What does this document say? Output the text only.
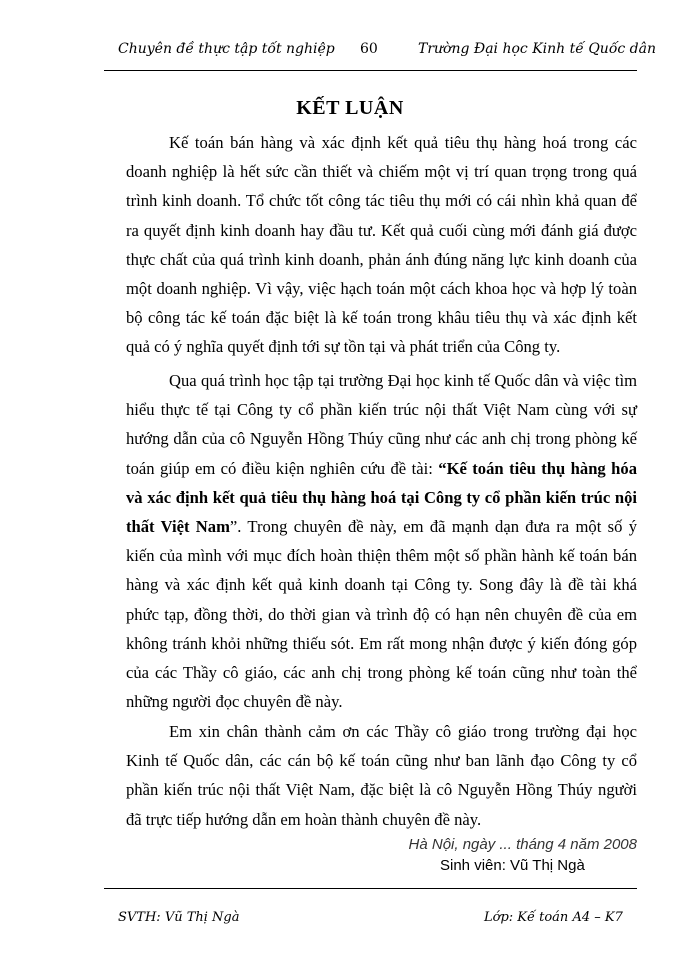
Chuyên đề thực tập tốt nghiệp 60	Trường Đại học Kinh tế Quốc dân
KẾT LUẬN

Kế toán bán hàng và xác định kết quả tiêu thụ hàng hoá trong các doanh nghiệp là hết sức cần thiết và chiếm một vị trí quan trọng trong quá trình kinh doanh. Tổ chức tốt công tác tiêu thụ mới có cái nhìn khả quan để ra quyết định kinh doanh hay đầu tư. Kết quả cuối cùng mới đánh giá được thực chất của quá trình kinh doanh, phản ánh đúng năng lực kinh doanh của một doanh nghiệp. Vì vậy, việc hạch toán một cách khoa học và hợp lý toàn bộ công tác kế toán đặc biệt là kế toán trong khâu tiêu thụ và xác định kết quả có ý nghĩa quyết định tới sự tồn tại và phát triển của Công ty.

Qua quá trình học tập tại trường Đại học kinh tế Quốc dân và việc tìm hiểu thực tế tại Công ty cổ phần kiến trúc nội thất Việt Nam cùng với sự hướng dẫn của cô Nguyễn Hồng Thúy cũng như các anh chị trong phòng kế toán giúp em có điều kiện nghiên cứu đề tài: “Kế toán tiêu thụ hàng hóa và xác định kết quả tiêu thụ hàng hoá tại Công ty cổ phần kiến trúc nội thất Việt Nam”. Trong chuyên đề này, em đã mạnh dạn đưa ra một số ý kiến của mình với mục đích hoàn thiện thêm một số phần hành kế toán bán hàng và xác định kết quả kinh doanh tại Công ty. Song đây là đề tài khá phức tạp, đồng thời, do thời gian và trình độ có hạn nên chuyên đề của em không tránh khỏi những thiếu sót. Em rất mong nhận được ý kiến đóng góp của các Thầy cô giáo, các anh chị trong phòng kế toán cũng như toàn thể những người đọc chuyên đề này.

Em xin chân thành cảm ơn các Thầy cô giáo trong trường đại học Kinh tế Quốc dân, các cán bộ kế toán cũng như ban lãnh đạo Công ty cổ phần kiến trúc nội thất Việt Nam, đặc biệt là cô Nguyễn Hồng Thúy người đã trực tiếp hướng dẫn em hoàn thành chuyên đề này.

Hà Nội, ngày ... tháng 4 năm 2008
Sinh viên: Vũ Thị Ngà
SVTH: Vũ Thị Ngà	Lớp: Kế toán A4 – K7
